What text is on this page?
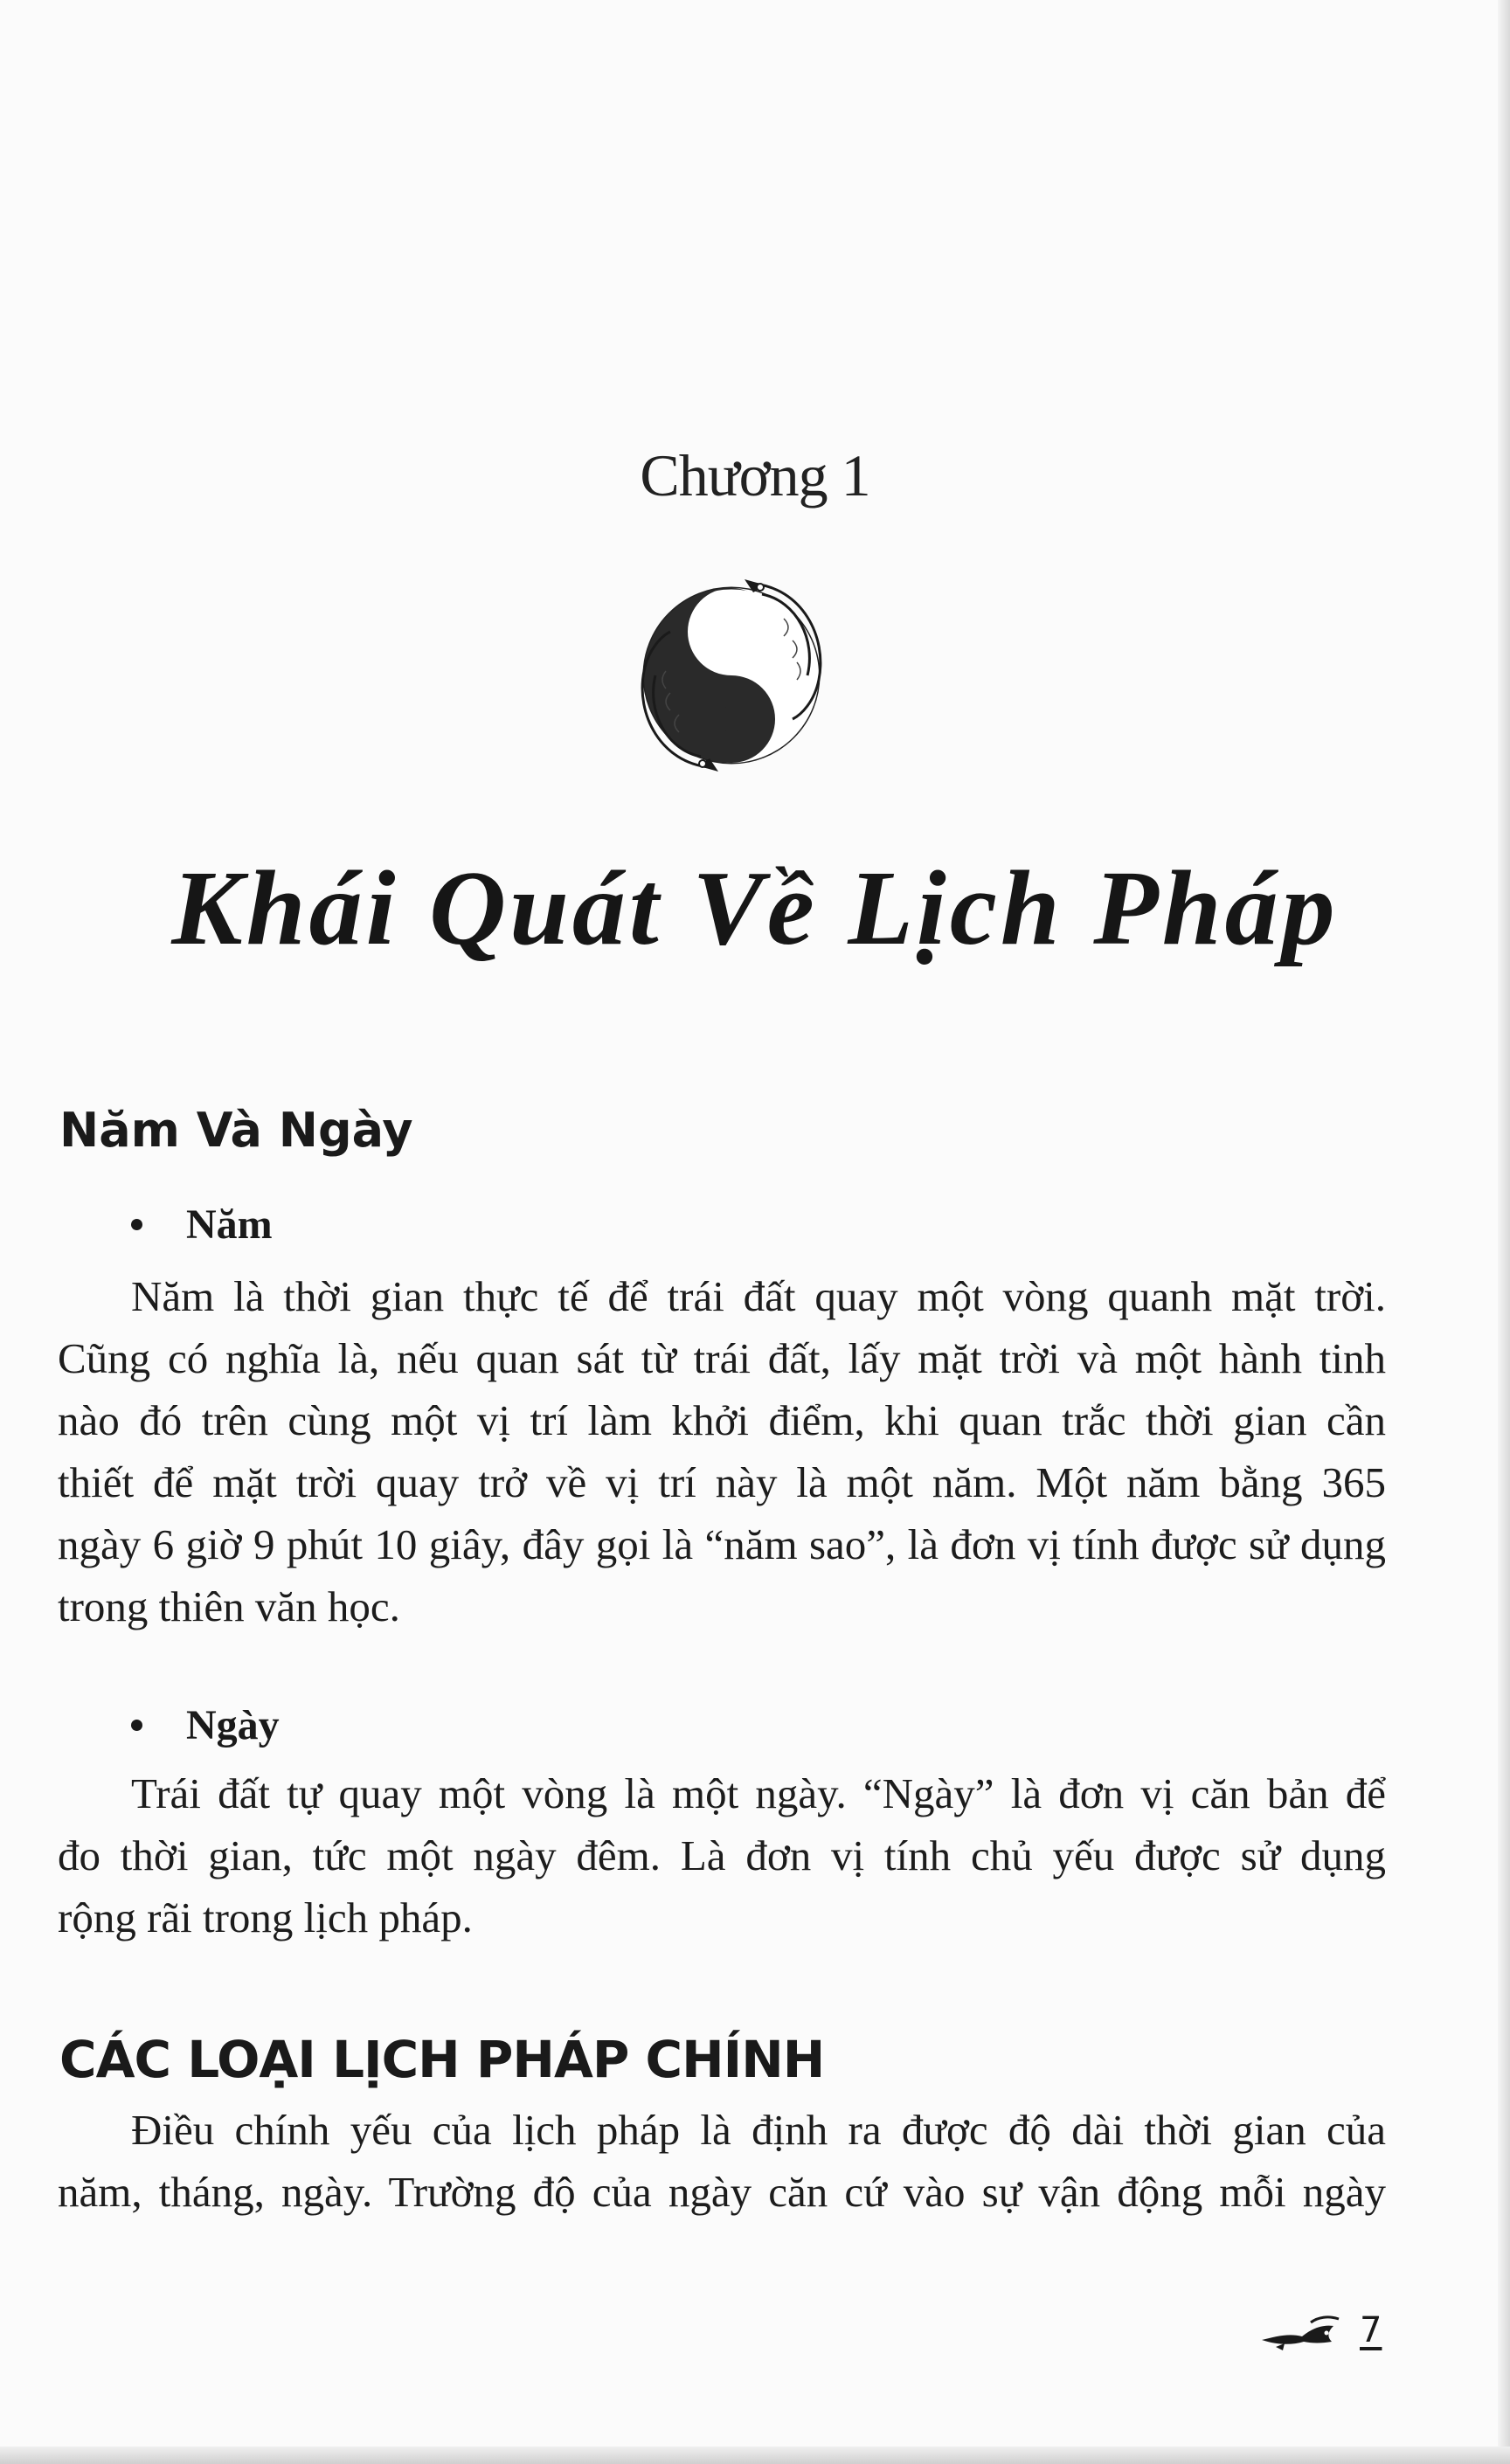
Chương 1
Khái Quát Về Lịch Pháp
Năm Và Ngày
Năm
Năm là thời gian thực tế để trái đất quay một vòng quanh mặt trời.
Cũng có nghĩa là, nếu quan sát từ trái đất, lấy mặt trời và một hành tinh
nào đó trên cùng một vị trí làm khởi điểm, khi quan trắc thời gian cần
thiết để mặt trời quay trở về vị trí này là một năm. Một năm bằng 365
ngày 6 giờ 9 phút 10 giây, đây gọi là “năm sao”, là đơn vị tính được sử dụng
trong thiên văn học.
Ngày
Trái đất tự quay một vòng là một ngày. “Ngày” là đơn vị căn bản để
đo thời gian, tức một ngày đêm. Là đơn vị tính chủ yếu được sử dụng
rộng rãi trong lịch pháp.
CÁC LOẠI LỊCH PHÁP CHÍNH
Điều chính yếu của lịch pháp là định ra được độ dài thời gian của
năm, tháng, ngày. Trường độ của ngày căn cứ vào sự vận động mỗi ngày
7
